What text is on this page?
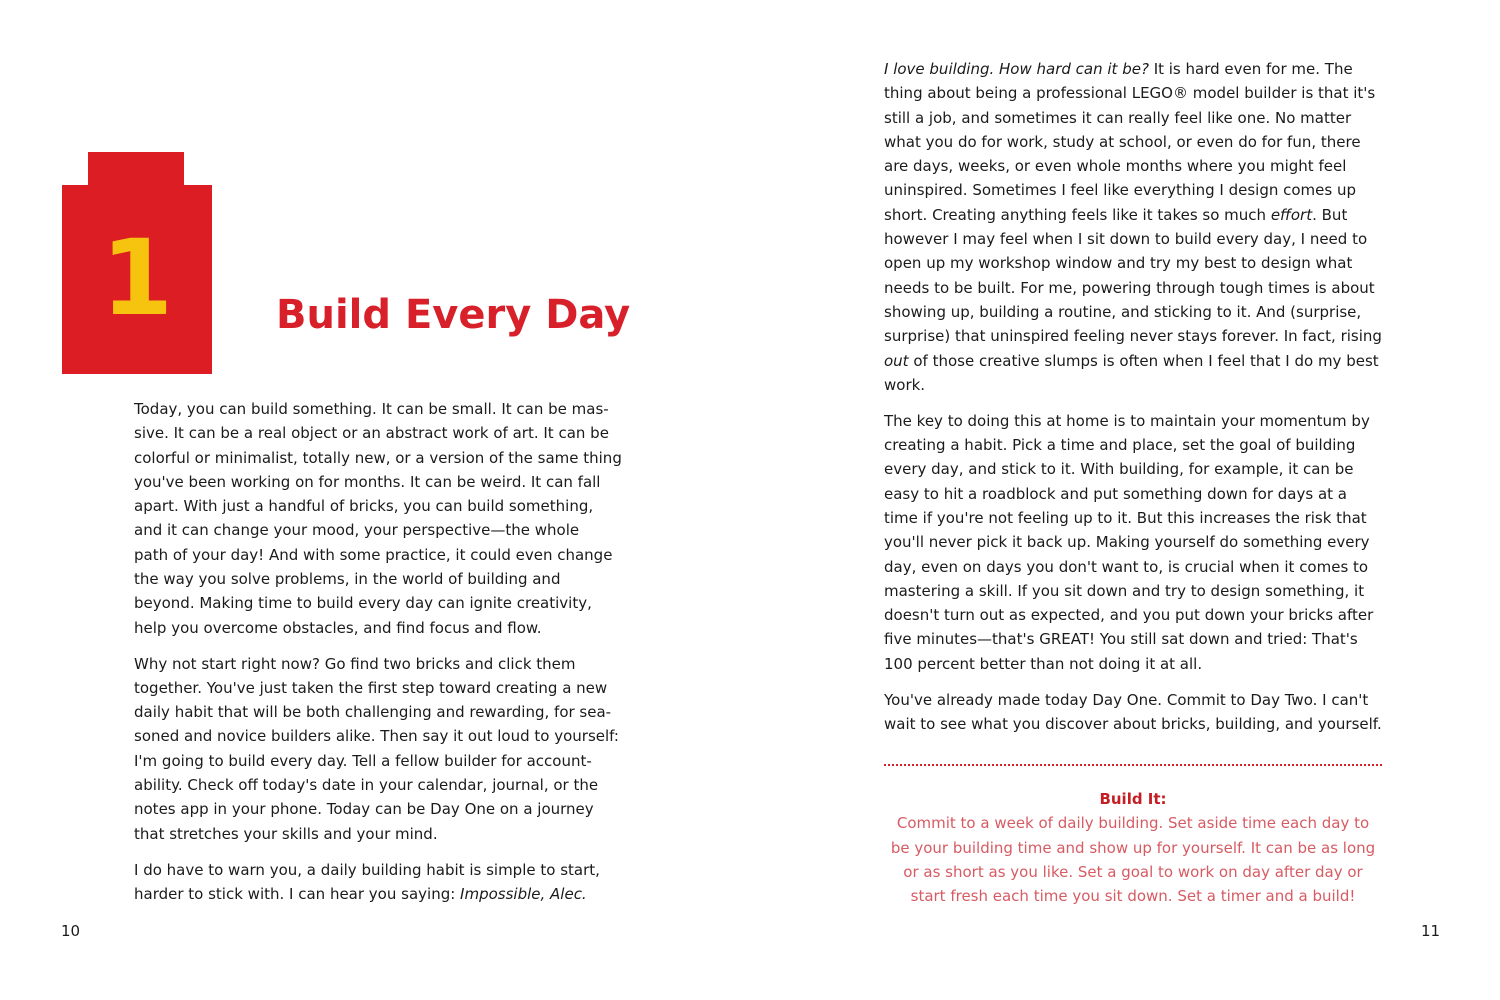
1	Build Every Day

Today, you can build something. It can be small. It can be mas-
sive. It can be a real object or an abstract work of art. It can be
colorful or minimalist, totally new, or a version of the same thing
you've been working on for months. It can be weird. It can fall
apart. With just a handful of bricks, you can build something,
and it can change your mood, your perspective—the whole
path of your day! And with some practice, it could even change
the way you solve problems, in the world of building and
beyond. Making time to build every day can ignite creativity,
help you overcome obstacles, and find focus and flow.

Why not start right now? Go find two bricks and click them
together. You've just taken the first step toward creating a new
daily habit that will be both challenging and rewarding, for sea-
soned and novice builders alike. Then say it out loud to yourself:
I'm going to build every day. Tell a fellow builder for account-
ability. Check off today's date in your calendar, journal, or the
notes app in your phone. Today can be Day One on a journey
that stretches your skills and your mind.

I do have to warn you, a daily building habit is simple to start,
harder to stick with. I can hear you saying: Impossible, Alec.

10

I love building. How hard can it be? It is hard even for me. The
thing about being a professional LEGO® model builder is that it's
still a job, and sometimes it can really feel like one. No matter
what you do for work, study at school, or even do for fun, there
are days, weeks, or even whole months where you might feel
uninspired. Sometimes I feel like everything I design comes up
short. Creating anything feels like it takes so much effort. But
however I may feel when I sit down to build every day, I need to
open up my workshop window and try my best to design what
needs to be built. For me, powering through tough times is about
showing up, building a routine, and sticking to it. And (surprise,
surprise) that uninspired feeling never stays forever. In fact, rising
out of those creative slumps is often when I feel that I do my best
work.

The key to doing this at home is to maintain your momentum by
creating a habit. Pick a time and place, set the goal of building
every day, and stick to it. With building, for example, it can be
easy to hit a roadblock and put something down for days at a
time if you're not feeling up to it. But this increases the risk that
you'll never pick it back up. Making yourself do something every
day, even on days you don't want to, is crucial when it comes to
mastering a skill. If you sit down and try to design something, it
doesn't turn out as expected, and you put down your bricks after
five minutes—that's GREAT! You still sat down and tried: That's
100 percent better than not doing it at all.

You've already made today Day One. Commit to Day Two. I can't
wait to see what you discover about bricks, building, and yourself.

Build It:
Commit to a week of daily building. Set aside time each day to
be your building time and show up for yourself. It can be as long
or as short as you like. Set a goal to work on day after day or
start fresh each time you sit down. Set a timer and a build!
11
